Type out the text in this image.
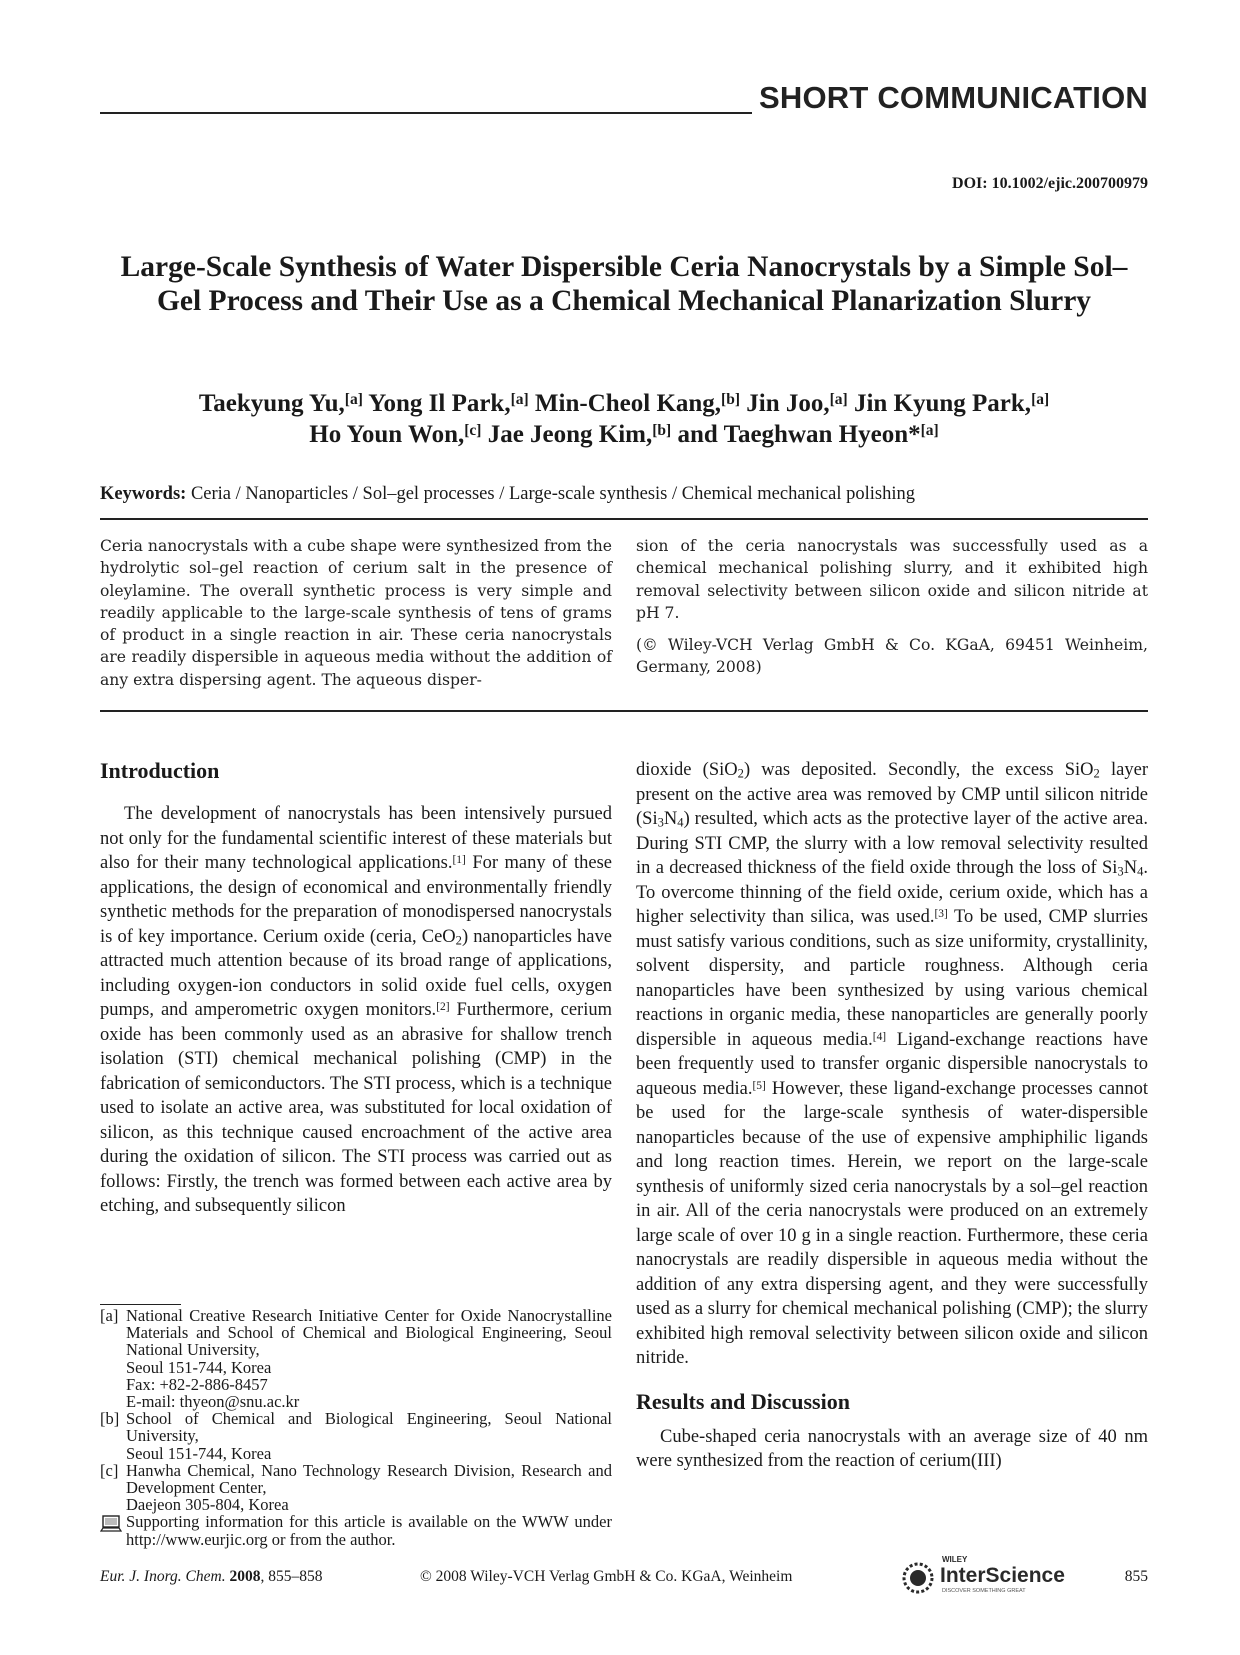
SHORT COMMUNICATION
DOI: 10.1002/ejic.200700979
Large-Scale Synthesis of Water Dispersible Ceria Nanocrystals by a Simple Sol–Gel Process and Their Use as a Chemical Mechanical Planarization Slurry
Taekyung Yu,[a] Yong Il Park,[a] Min-Cheol Kang,[b] Jin Joo,[a] Jin Kyung Park,[a]
Ho Youn Won,[c] Jae Jeong Kim,[b] and Taeghwan Hyeon*[a]
Keywords: Ceria / Nanoparticles / Sol–gel processes / Large-scale synthesis / Chemical mechanical polishing
Ceria nanocrystals with a cube shape were synthesized from the hydrolytic sol–gel reaction of cerium salt in the presence of oleylamine. The overall synthetic process is very simple and readily applicable to the large-scale synthesis of tens of grams of product in a single reaction in air. These ceria nanocrystals are readily dispersible in aqueous media without the addition of any extra dispersing agent. The aqueous disper-

sion of the ceria nanocrystals was successfully used as a chemical mechanical polishing slurry, and it exhibited high removal selectivity between silicon oxide and silicon nitride at pH 7.

(© Wiley-VCH Verlag GmbH & Co. KGaA, 69451 Weinheim, Germany, 2008)

Introduction

The development of nanocrystals has been intensively pursued not only for the fundamental scientific interest of these materials but also for their many technological applications.[1] For many of these applications, the design of economical and environmentally friendly synthetic methods for the preparation of monodispersed nanocrystals is of key importance. Cerium oxide (ceria, CeO$_2$) nanoparticles have attracted much attention because of its broad range of applications, including oxygen-ion conductors in solid oxide fuel cells, oxygen pumps, and amperometric oxygen monitors.[2] Furthermore, cerium oxide has been commonly used as an abrasive for shallow trench isolation (STI) chemical mechanical polishing (CMP) in the fabrication of semiconductors. The STI process, which is a technique used to isolate an active area, was substituted for local oxidation of silicon, as this technique caused encroachment of the active area during the oxidation of silicon. The STI process was carried out as follows: Firstly, the trench was formed between each active area by etching, and subsequently silicon

dioxide (SiO$_2$) was deposited. Secondly, the excess SiO$_2$ layer present on the active area was removed by CMP until silicon nitride $(Si_3N_4)$ resulted, which acts as the protective layer of the active area. During STI CMP, the slurry with a low removal selectivity resulted in a decreased thickness of the field oxide through the loss of $Si_3N_4$. To overcome thinning of the field oxide, cerium oxide, which has a higher selectivity than silica, was used.[3] To be used, CMP slurries must satisfy various conditions, such as size uniformity, crystallinity, solvent dispersity, and particle roughness. Although ceria nanoparticles have been synthesized by using various chemical reactions in organic media, these nanoparticles are generally poorly dispersible in aqueous media.[4] Ligand-exchange reactions have been frequently used to transfer organic dispersible nanocrystals to aqueous media.[5] However, these ligand-exchange processes cannot be used for the large-scale synthesis of water-dispersible nanoparticles because of the use of expensive amphiphilic ligands and long reaction times. Herein, we report on the large-scale synthesis of uniformly sized ceria nanocrystals by a sol–gel reaction in air. All of the ceria nanocrystals were produced on an extremely large scale of over 10 g in a single reaction. Furthermore, these ceria nanocrystals are readily dispersible in aqueous media without the addition of any extra dispersing agent, and they were successfully used as a slurry for chemical mechanical polishing (CMP); the slurry exhibited high removal selectivity between silicon oxide and silicon nitride.

Results and Discussion

Cube-shaped ceria nanocrystals with an average size of 40 nm were synthesized from the reaction of cerium(III)

[a] National Creative Research Initiative Center for Oxide Nanocrystalline Materials and School of Chemical and Biological Engineering, Seoul National University,
Seoul 151-744, Korea
Fax: +82-2-886-8457
E-mail: thyeon@snu.ac.kr
[b] School of Chemical and Biological Engineering, Seoul National University,
Seoul 151-744, Korea
[c] Hanwha Chemical, Nano Technology Research Division, Research and Development Center,
Daejeon 305-804, Korea
Supporting information for this article is available on the WWW under http://www.eurjic.org or from the author.
Eur. J. Inorg. Chem. 2008, 855–858	© 2008 Wiley-VCH Verlag GmbH & Co. KGaA, Weinheim
WILEY
InterScience
DISCOVER SOMETHING GREAT
855
